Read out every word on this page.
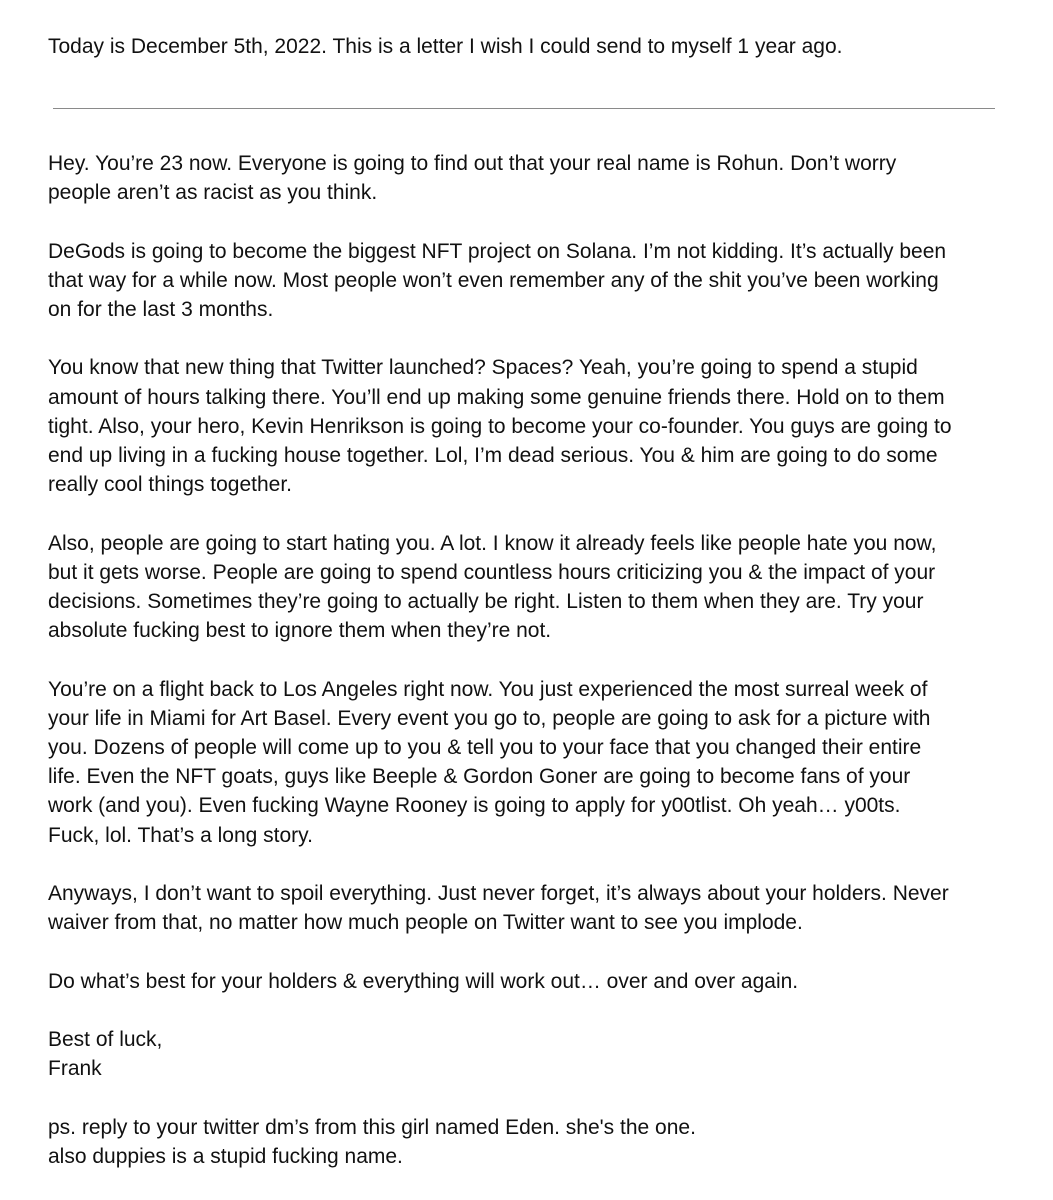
Today is December 5th, 2022. This is a letter I wish I could send to myself 1 year ago.

Hey. You’re 23 now. Everyone is going to find out that your real name is Rohun. Don’t worry
people aren’t as racist as you think.

DeGods is going to become the biggest NFT project on Solana. I’m not kidding. It’s actually been
that way for a while now. Most people won’t even remember any of the shit you’ve been working
on for the last 3 months.

You know that new thing that Twitter launched? Spaces? Yeah, you’re going to spend a stupid
amount of hours talking there. You’ll end up making some genuine friends there. Hold on to them
tight. Also, your hero, Kevin Henrikson is going to become your co-founder. You guys are going to
end up living in a fucking house together. Lol, I’m dead serious. You & him are going to do some
really cool things together.

Also, people are going to start hating you. A lot. I know it already feels like people hate you now,
but it gets worse. People are going to spend countless hours criticizing you & the impact of your
decisions. Sometimes they’re going to actually be right. Listen to them when they are. Try your
absolute fucking best to ignore them when they’re not.

You’re on a flight back to Los Angeles right now. You just experienced the most surreal week of
your life in Miami for Art Basel. Every event you go to, people are going to ask for a picture with
you. Dozens of people will come up to you & tell you to your face that you changed their entire
life. Even the NFT goats, guys like Beeple & Gordon Goner are going to become fans of your
work (and you). Even fucking Wayne Rooney is going to apply for y00tlist. Oh yeah… y00ts.
Fuck, lol. That’s a long story.

Anyways, I don’t want to spoil everything. Just never forget, it’s always about your holders. Never
waiver from that, no matter how much people on Twitter want to see you implode.

Do what’s best for your holders & everything will work out… over and over again.

Best of luck,
Frank

ps. reply to your twitter dm’s from this girl named Eden. she's the one.
also duppies is a stupid fucking name.
